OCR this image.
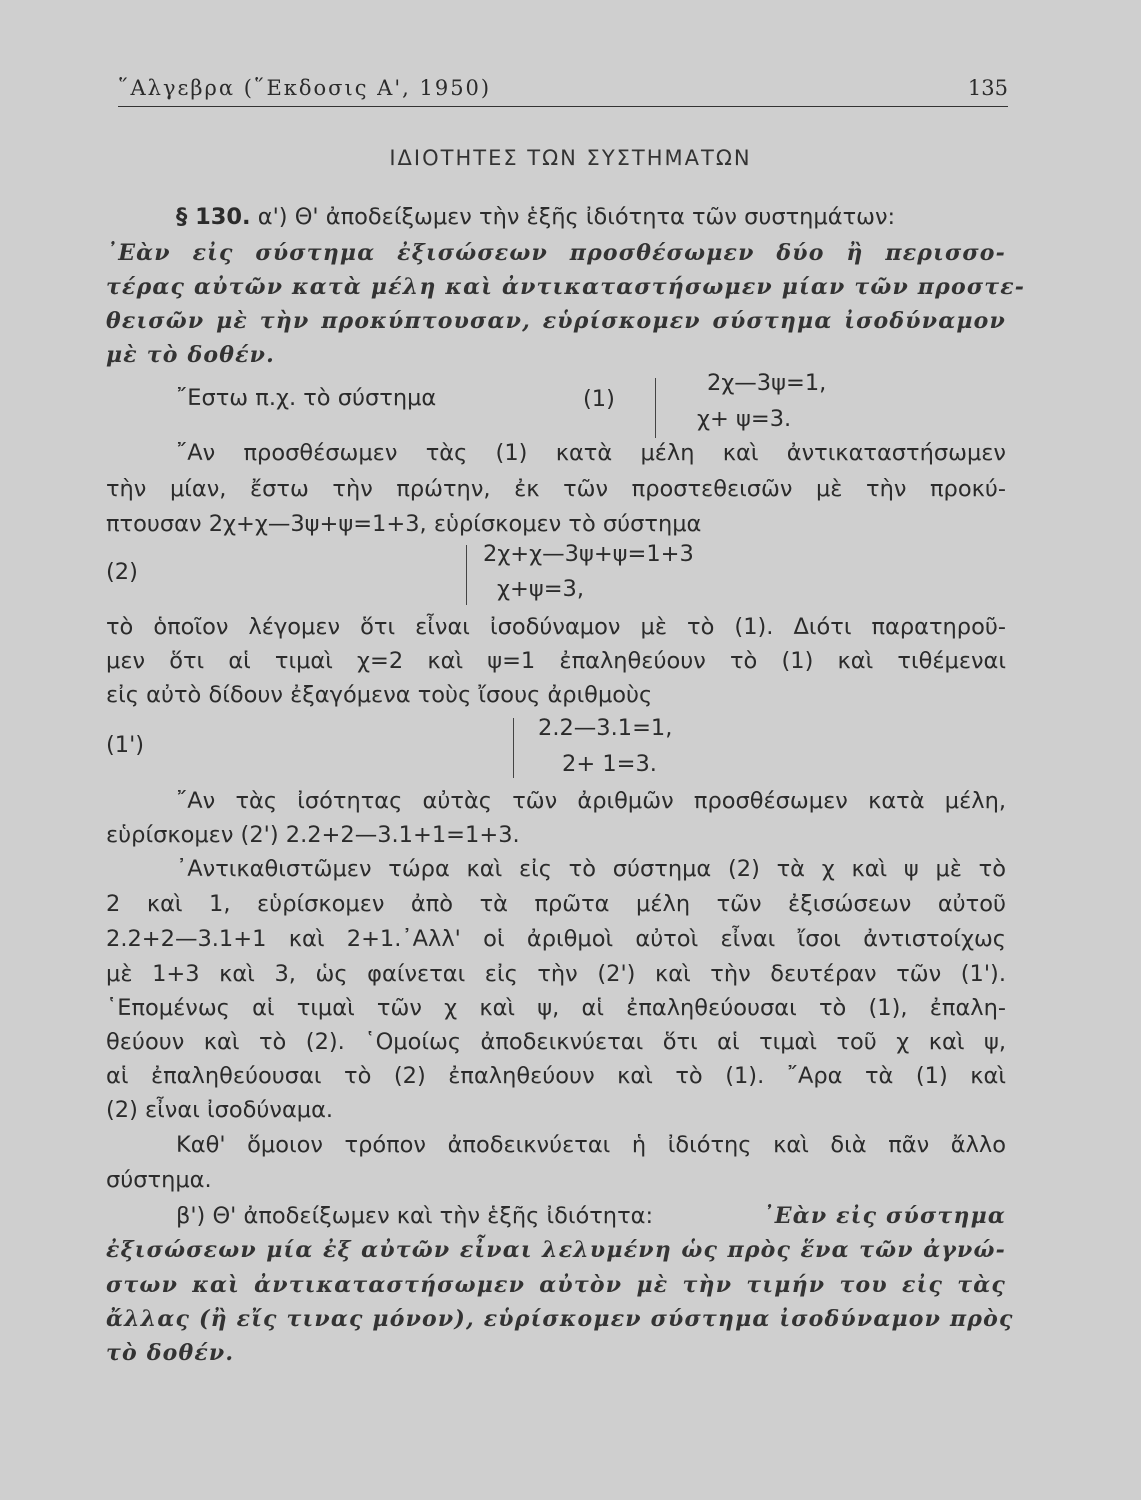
῞Αλγεβρα (῞Εκδοσις Α', 1950)	135
ΙΔΙΟΤΗΤΕΣ ΤΩΝ ΣΥΣΤΗΜΑΤΩΝ
§ 130. α') Θ' ἀποδείξωμεν τὴν ἑξῆς ἰδιότητα τῶν συστημάτων:
᾿Εὰν εἰς σύστημα ἐξισώσεων προσθέσωμεν δύο ἢ περισσο-
τέρας αὐτῶν κατὰ μέλη καὶ ἀντικαταστήσωμεν μίαν τῶν προστε-
θεισῶν μὲ τὴν προκύπτουσαν, εὑρίσκομεν σύστημα ἰσοδύναμον
μὲ τὸ δοθέν.
῎Εστω π.χ. τὸ σύστημα	(1)
2χ—3ψ=1,
χ+ ψ=3.
῎Αν προσθέσωμεν τὰς (1) κατὰ μέλη καὶ ἀντικαταστήσωμεν
τὴν μίαν, ἔστω τὴν πρώτην, ἐκ τῶν προστεθεισῶν μὲ τὴν προκύ-
πτουσαν 2χ+χ—3ψ+ψ=1+3, εὑρίσκομεν τὸ σύστημα
(2)
2χ+χ—3ψ+ψ=1+3
χ+ψ=3,
τὸ ὁποῖον λέγομεν ὅτι εἶναι ἰσοδύναμον μὲ τὸ (1). Διότι παρατηροῦ-
μεν ὅτι αἱ τιμαὶ χ=2 καὶ ψ=1 ἐπαληθεύουν τὸ (1) καὶ τιθέμεναι
εἰς αὐτὸ δίδουν ἐξαγόμενα τοὺς ἴσους ἀριθμοὺς
(1')
2.2—3.1=1,
2+ 1=3.
῎Αν τὰς ἰσότητας αὐτὰς τῶν ἀριθμῶν προσθέσωμεν κατὰ μέλη,
εὑρίσκομεν (2') 2.2+2—3.1+1=1+3.
᾿Αντικαθιστῶμεν τώρα καὶ εἰς τὸ σύστημα (2) τὰ χ καὶ ψ μὲ τὸ
2 καὶ 1, εὑρίσκομεν ἀπὸ τὰ πρῶτα μέλη τῶν ἐξισώσεων αὐτοῦ
2.2+2—3.1+1 καὶ 2+1.᾿Αλλ' οἱ ἀριθμοὶ αὐτοὶ εἶναι ἴσοι ἀντιστοίχως
μὲ 1+3 καὶ 3, ὡς φαίνεται εἰς τὴν (2') καὶ τὴν δευτέραν τῶν (1').
῾Επομένως αἱ τιμαὶ τῶν χ καὶ ψ, αἱ ἐπαληθεύουσαι τὸ (1), ἐπαλη-
θεύουν καὶ τὸ (2). ῾Ομοίως ἀποδεικνύεται ὅτι αἱ τιμαὶ τοῦ χ καὶ ψ,
αἱ ἐπαληθεύουσαι τὸ (2) ἐπαληθεύουν καὶ τὸ (1). ῎Αρα τὰ (1) καὶ
(2) εἶναι ἰσοδύναμα.
Καθ' ὅμοιον τρόπον ἀποδεικνύεται ἡ ἰδιότης καὶ διὰ πᾶν ἄλλο
σύστημα.
β') Θ' ἀποδείξωμεν καὶ τὴν ἑξῆς ἰδιότητα:	᾿Εὰν εἰς σύστημα
ἐξισώσεων μία ἐξ αὐτῶν εἶναι λελυμένη ὡς πρὸς ἕνα τῶν ἀγνώ-
στων καὶ ἀντικαταστήσωμεν αὐτὸν μὲ τὴν τιμήν του εἰς τὰς
ἄλλας (ἢ εἴς τινας μόνον), εὑρίσκομεν σύστημα ἰσοδύναμον πρὸς
τὸ δοθέν.
